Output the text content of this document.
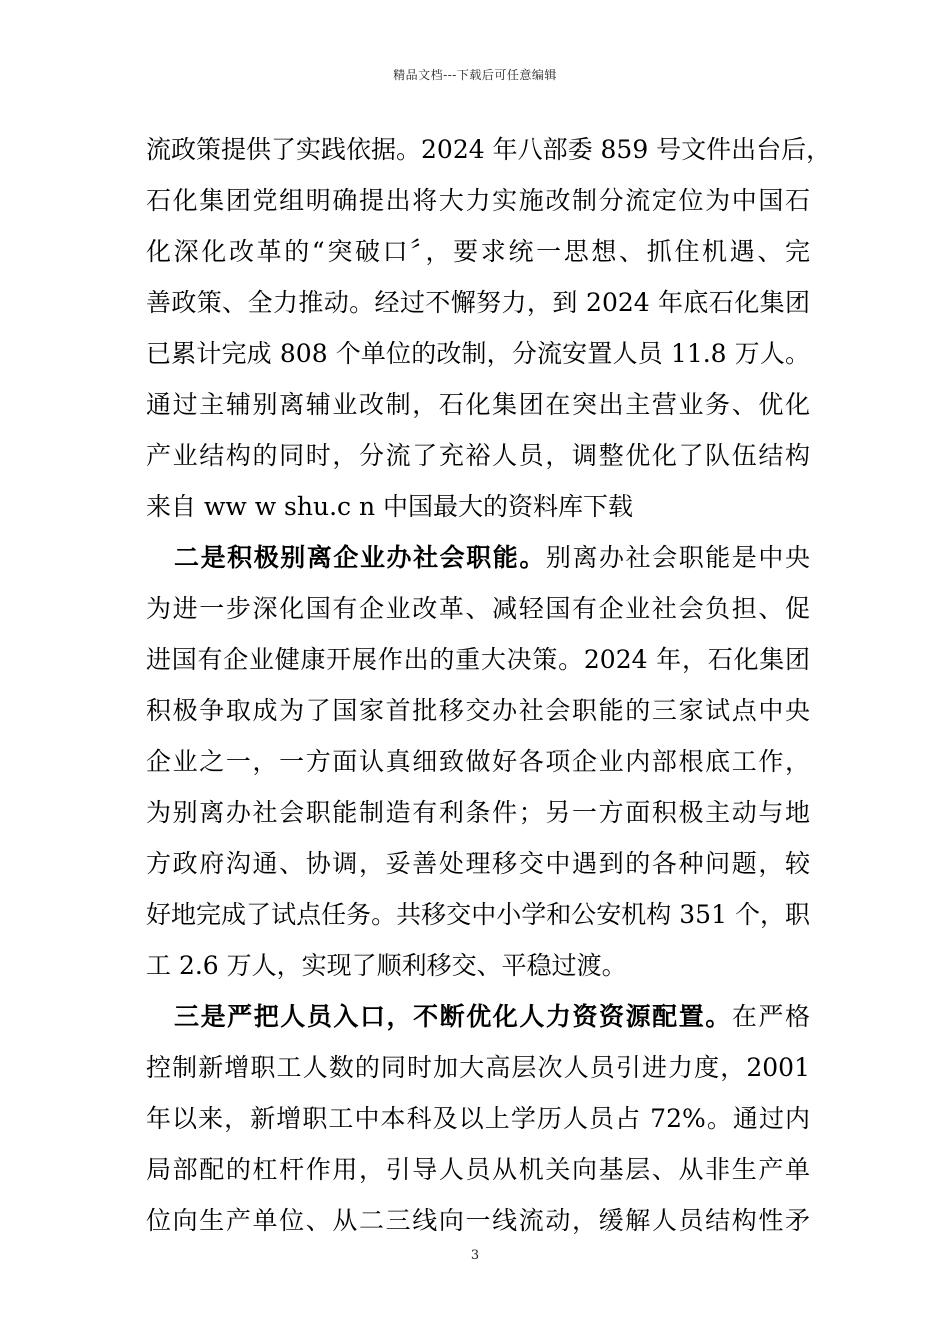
精品文档---下载后可任意编辑
流政策提供了实践依据。2024 年八部委 859 号文件出台后，
石化集团党组明确提出将大力实施改制分流定位为中国石
化深化改革的“突破口〞，要求统一思想、抓住机遇、完
善政策、全力推动。经过不懈努力，到 2024 年底石化集团
已累计完成 808 个单位的改制，分流安置人员 11.8 万人。
通过主辅别离辅业改制，石化集团在突出主营业务、优化
产业结构的同时，分流了充裕人员，调整优化了队伍结构
来自 ww w shu.c n 中国最大的资料库下载
二是积极别离企业办社会职能。别离办社会职能是中央
为进一步深化国有企业改革、减轻国有企业社会负担、促
进国有企业健康开展作出的重大决策。2024 年，石化集团
积极争取成为了国家首批移交办社会职能的三家试点中央
企业之一，一方面认真细致做好各项企业内部根底工作，
为别离办社会职能制造有利条件；另一方面积极主动与地
方政府沟通、协调，妥善处理移交中遇到的各种问题，较
好地完成了试点任务。共移交中小学和公安机构 351 个，职
工 2.6 万人，实现了顺利移交、平稳过渡。
三是严把人员入口，不断优化人力资资源配置。在严格
控制新增职工人数的同时加大高层次人员引进力度，2001
年以来，新增职工中本科及以上学历人员占 72%。通过内
局部配的杠杆作用，引导人员从机关向基层、从非生产单
位向生产单位、从二三线向一线流动，缓解人员结构性矛
3
